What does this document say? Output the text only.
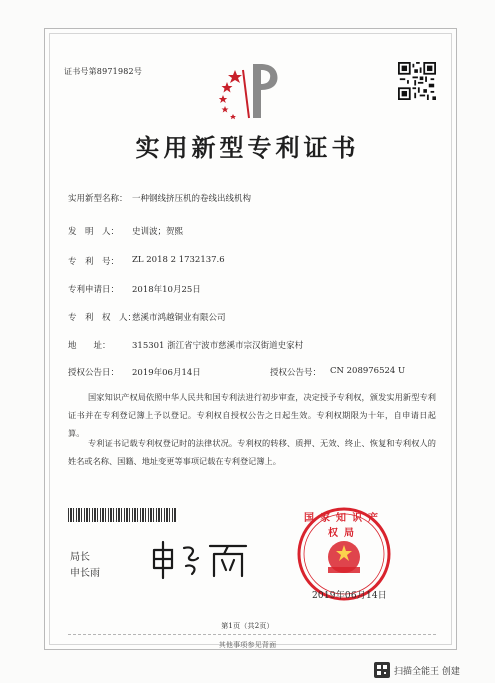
证书号第8971982号
实用新型专利证书
实用新型名称： 一种钢线挤压机的卷线出线机构
发　明　人： 史训波；贺熙
专　利　号： ZL 2018 2 1732137.6
专利申请日： 2018年10月25日
专　利　权　人：
慈溪市鸿越铜业有限公司
地　　址：	315301 浙江省宁波市慈溪市宗汉街道史家村
授权公告日： 2019年06月14日	授权公告号： CN 208976524 U
国家知识产权局依照中华人民共和国专利法进行初步审查，决定授予专利权，颁发实用新型专利证书并在专利登记簿上予以登记。专利权自授权公告之日起生效。专利权期限为十年，自申请日起算。
专利证书记载专利权登记时的法律状况。专利权的转移、质押、无效、终止、恢复和专利权人的姓名或名称、国籍、地址变更等事项记载在专利登记簿上。
局长
申长雨
国家知识产权局
2019年06月14日
第1页（共2页）
其他事项参见背面
扫描全能王 创建
